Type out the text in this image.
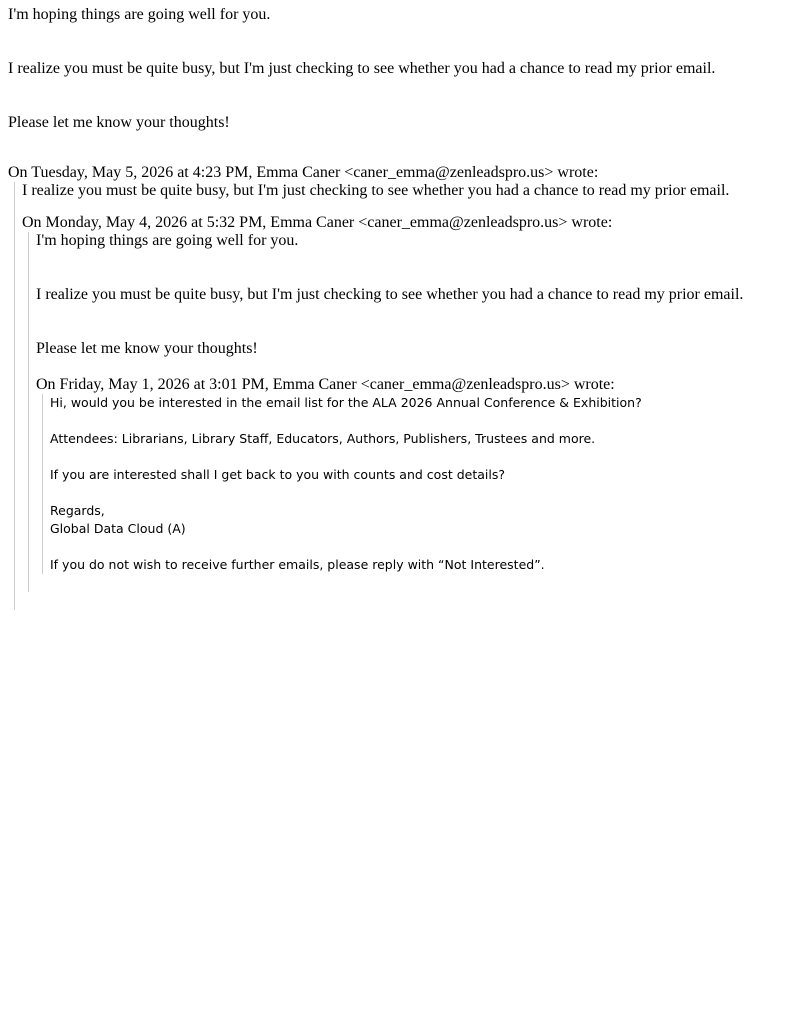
I'm hoping things are going well for you.

I realize you must be quite busy, but I'm just checking to see whether you had a chance to read my prior email.

Please let me know your thoughts!

On Tuesday, May 5, 2026 at 4:23 PM, Emma Caner <caner_emma@zenleadspro.us> wrote:

I realize you must be quite busy, but I'm just checking to see whether you had a chance to read my prior email.

On Monday, May 4, 2026 at 5:32 PM, Emma Caner <caner_emma@zenleadspro.us> wrote:

I'm hoping things are going well for you.

I realize you must be quite busy, but I'm just checking to see whether you had a chance to read my prior email.

Please let me know your thoughts!

On Friday, May 1, 2026 at 3:01 PM, Emma Caner <caner_emma@zenleadspro.us> wrote:

Hi, would you be interested in the email list for the ALA 2026 Annual Conference & Exhibition?

Attendees: Librarians, Library Staff, Educators, Authors, Publishers, Trustees and more.

If you are interested shall I get back to you with counts and cost details?

Regards,

Global Data Cloud (A)

If you do not wish to receive further emails, please reply with “Not Interested”.
